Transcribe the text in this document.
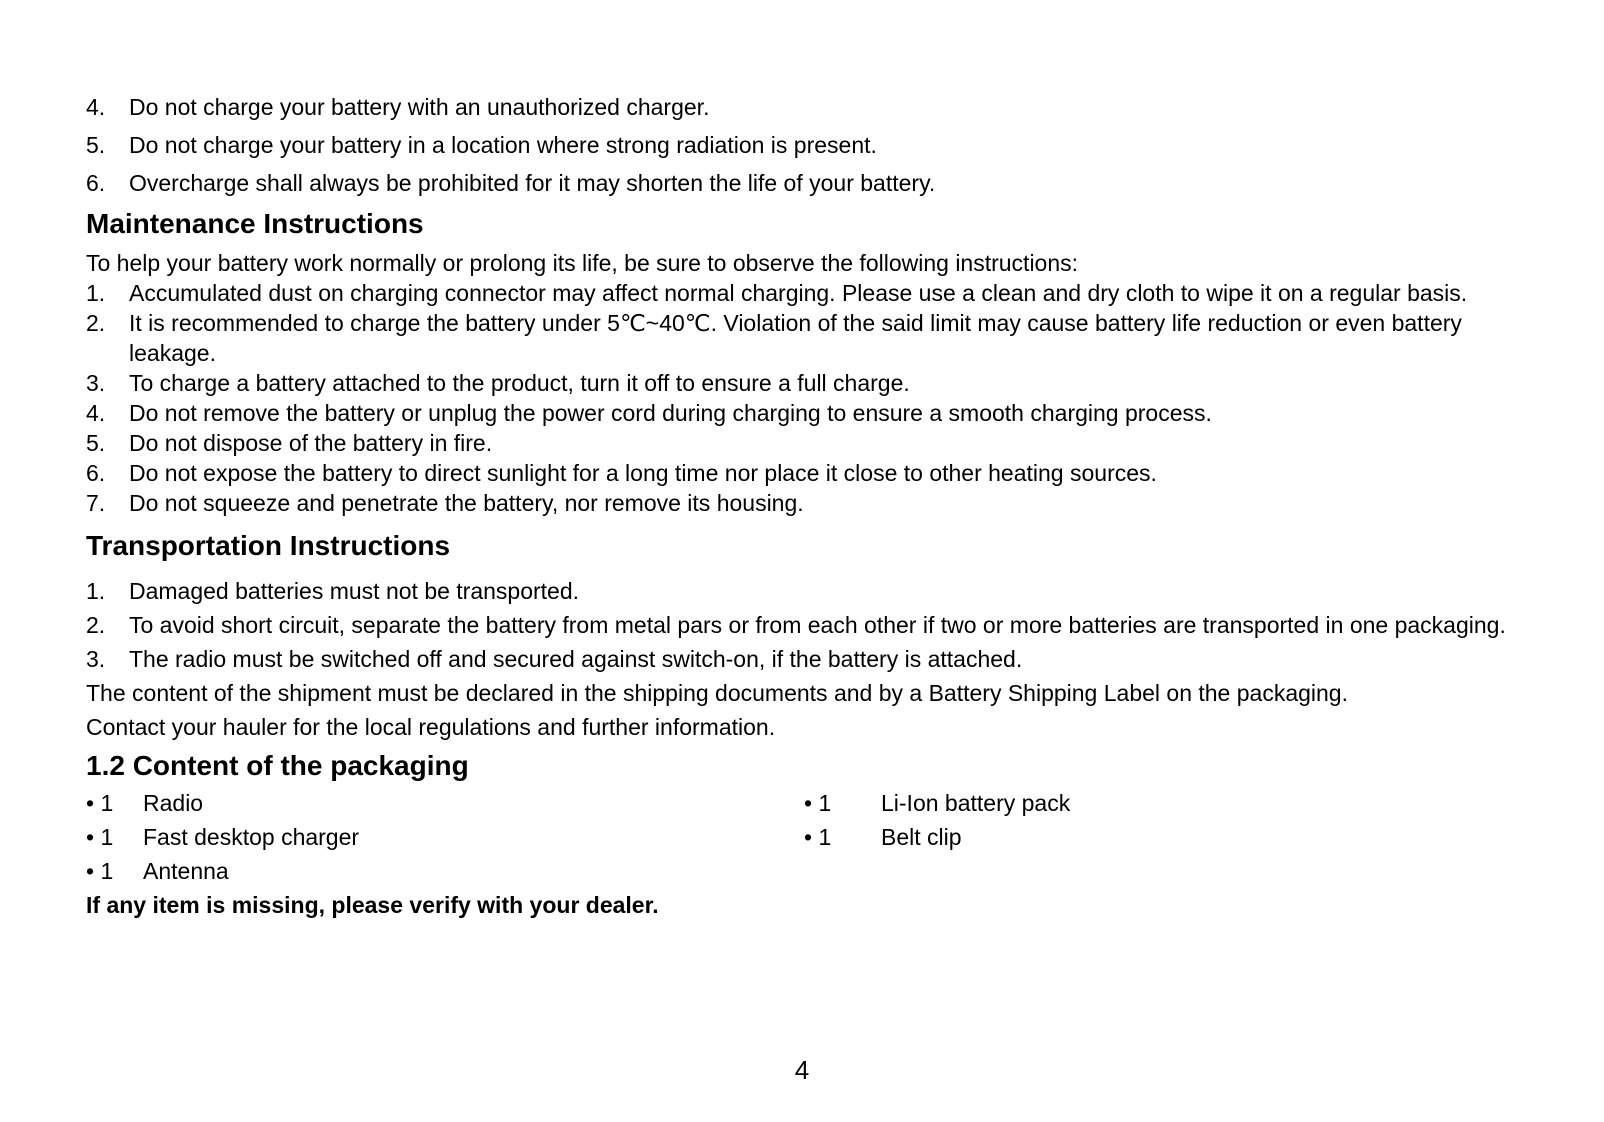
4.	Do not charge your battery with an unauthorized charger.
5.	Do not charge your battery in a location where strong radiation is present.
6.	Overcharge shall always be prohibited for it may shorten the life of your battery.
Maintenance Instructions
To help your battery work normally or prolong its life, be sure to observe the following instructions:
1.	Accumulated dust on charging connector may affect normal charging. Please use a clean and dry cloth to wipe it on a regular basis.
2.	It is recommended to charge the battery under 5℃~40℃. Violation of the said limit may cause battery life reduction or even battery leakage.
3.	To charge a battery attached to the product, turn it off to ensure a full charge.
4.	Do not remove the battery or unplug the power cord during charging to ensure a smooth charging process.
5.	Do not dispose of the battery in fire.
6.	Do not expose the battery to direct sunlight for a long time nor place it close to other heating sources.
7.	Do not squeeze and penetrate the battery, nor remove its housing.
Transportation Instructions
1.	Damaged batteries must not be transported.
2.	To avoid short circuit, separate the battery from metal pars or from each other if two or more batteries are transported in one packaging.
3.	The radio must be switched off and secured against switch-on, if the battery is attached.
The content of the shipment must be declared in the shipping documents and by a Battery Shipping Label on the packaging.
Contact your hauler for the local regulations and further information.
1.2 Content of the packaging
• 1	Radio
• 1	Fast desktop charger
• 1	Antenna
• 1	Li-Ion battery pack
• 1	Belt clip
If any item is missing, please verify with your dealer.
4
